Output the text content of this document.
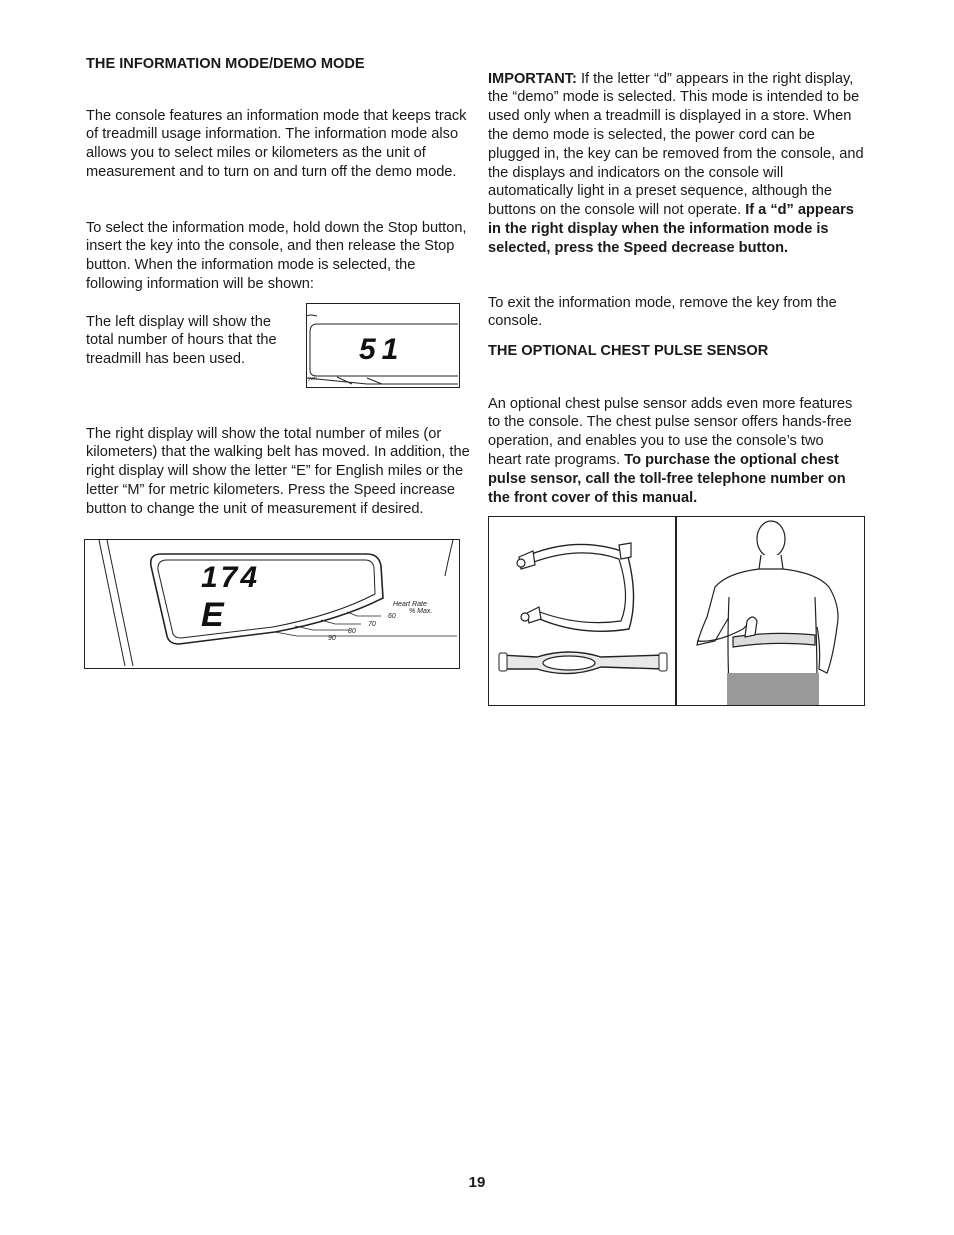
THE INFORMATION MODE/DEMO MODE

The console features an information mode that keeps track of treadmill usage information. The information mode also allows you to select miles or kilometers as the unit of measurement and to turn on and turn off the demo mode.

To select the information mode, hold down the Stop button, insert the key into the console, and then release the Stop button. When the information mode is selected, the following information will be shown:

The left display will show the total number of hours that the treadmill has been used.	51
ywh

The right display will show the total number of miles (or kilometers) that the walking belt has moved. In addition, the right display will show the letter “E” for English miles or the letter “M” for metric kilometers. Press the Speed increase button to change the unit of measurement if desired.

174
E	Heart Rate
% Max.
60
70
80
90

IMPORTANT: If the letter “d” appears in the right display, the “demo” mode is selected. This mode is intended to be used only when a treadmill is displayed in a store. When the demo mode is selected, the power cord can be plugged in, the key can be removed from the console, and the displays and indicators on the console will automatically light in a preset sequence, although the buttons on the console will not operate. If a “d” appears in the right display when the information mode is selected, press the Speed decrease button.

To exit the information mode, remove the key from the console.

THE OPTIONAL CHEST PULSE SENSOR

An optional chest pulse sensor adds even more features to the console. The chest pulse sensor offers hands-free operation, and enables you to use the console’s two heart rate programs. To purchase the optional chest pulse sensor, call the toll-free telephone number on the front cover of this manual.

19
